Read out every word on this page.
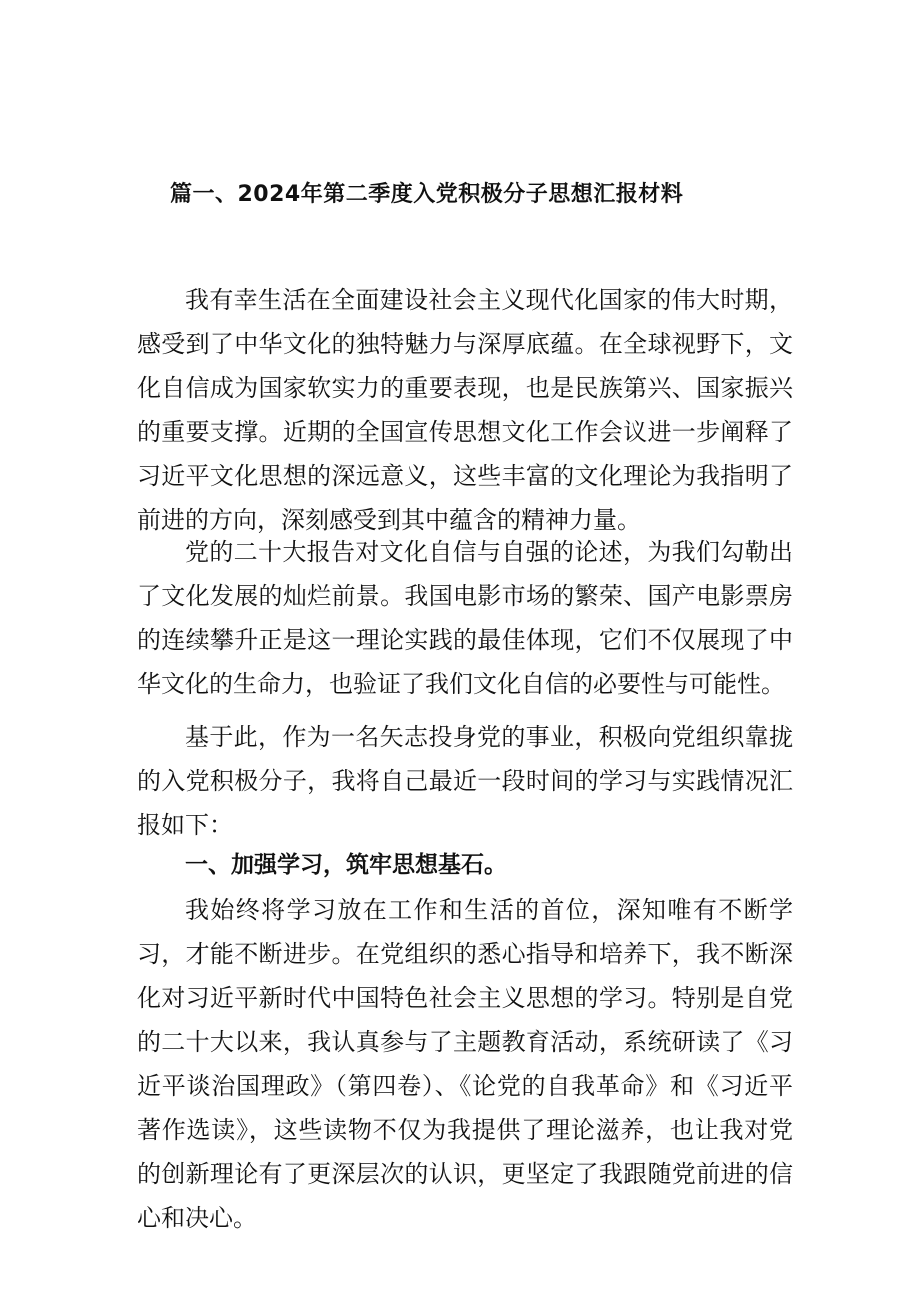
篇一、2024年第二季度入党积极分子思想汇报材料

我有幸生活在全面建设社会主义现代化国家的伟大时期，感受到了中华文化的独特魅力与深厚底蕴。在全球视野下，文化自信成为国家软实力的重要表现，也是民族第兴、国家振兴的重要支撑。近期的全国宣传思想文化工作会议进一步阐释了习近平文化思想的深远意义，这些丰富的文化理论为我指明了前进的方向，深刻感受到其中蕴含的精神力量。

党的二十大报告对文化自信与自强的论述，为我们勾勒出了文化发展的灿烂前景。我国电影市场的繁荣、国产电影票房的连续攀升正是这一理论实践的最佳体现，它们不仅展现了中华文化的生命力，也验证了我们文化自信的必要性与可能性。

基于此，作为一名矢志投身党的事业，积极向党组织靠拢的入党积极分子，我将自己最近一段时间的学习与实践情况汇报如下：

一、加强学习，筑牢思想基石。

我始终将学习放在工作和生活的首位，深知唯有不断学习，才能不断进步。在党组织的悉心指导和培养下，我不断深化对习近平新时代中国特色社会主义思想的学习。特别是自党的二十大以来，我认真参与了主题教育活动，系统研读了《习近平谈治国理政》（第四卷）、《论党的自我革命》和《习近平著作选读》，这些读物不仅为我提供了理论滋养，也让我对党的创新理论有了更深层次的认识，更坚定了我跟随党前进的信心和决心。
